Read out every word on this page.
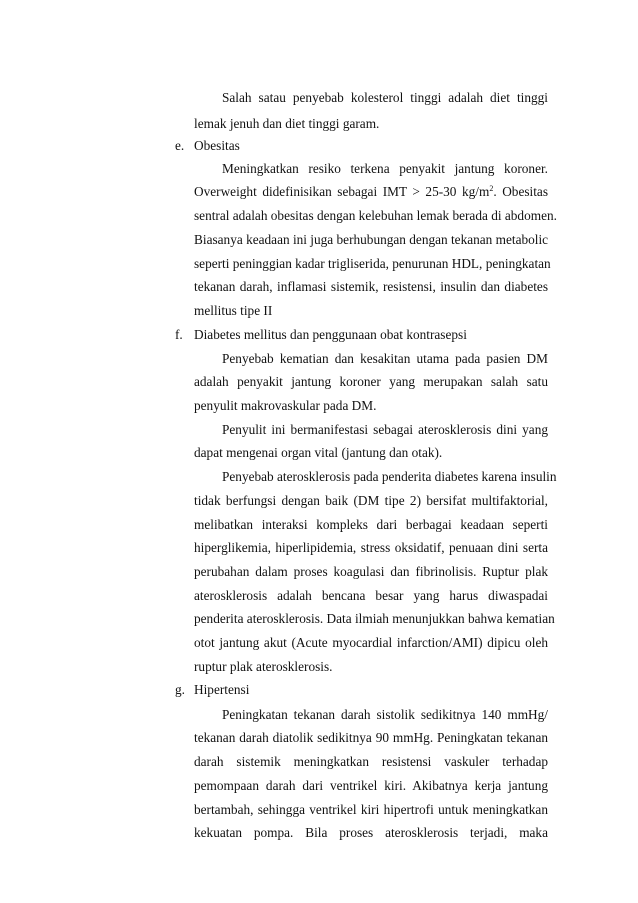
Salah satau penyebab kolesterol tinggi adalah diet tinggi
lemak jenuh dan diet tinggi garam.
e. Obesitas
Meningkatkan resiko terkena penyakit jantung koroner.
Overweight didefinisikan sebagai IMT > 25-30 $kg/m^2$. Obesitas
sentral adalah obesitas dengan kelebuhan lemak berada di abdomen.
Biasanya keadaan ini juga berhubungan dengan tekanan metabolic
seperti peninggian kadar trigliserida, penurunan HDL, peningkatan
tekanan darah, inflamasi sistemik, resistensi, insulin dan diabetes
mellitus tipe II
f. Diabetes mellitus dan penggunaan obat kontrasepsi
Penyebab kematian dan kesakitan utama pada pasien DM
adalah penyakit jantung koroner yang merupakan salah satu
penyulit makrovaskular pada DM.
Penyulit ini bermanifestasi sebagai aterosklerosis dini yang
dapat mengenai organ vital (jantung dan otak).
Penyebab aterosklerosis pada penderita diabetes karena insulin
tidak berfungsi dengan baik (DM tipe 2) bersifat multifaktorial,
melibatkan interaksi kompleks dari berbagai keadaan seperti
hiperglikemia, hiperlipidemia, stress oksidatif, penuaan dini serta
perubahan dalam proses koagulasi dan fibrinolisis. Ruptur plak
aterosklerosis adalah bencana besar yang harus diwaspadai
penderita aterosklerosis. Data ilmiah menunjukkan bahwa kematian
otot jantung akut (Acute myocardial infarction/AMI) dipicu oleh
ruptur plak aterosklerosis.
g. Hipertensi
Peningkatan tekanan darah sistolik sedikitnya 140 mmHg/
tekanan darah diatolik sedikitnya 90 mmHg. Peningkatan tekanan
darah sistemik meningkatkan resistensi vaskuler terhadap
pemompaan darah dari ventrikel kiri. Akibatnya kerja jantung
bertambah, sehingga ventrikel kiri hipertrofi untuk meningkatkan
kekuatan pompa. Bila proses aterosklerosis terjadi, maka
